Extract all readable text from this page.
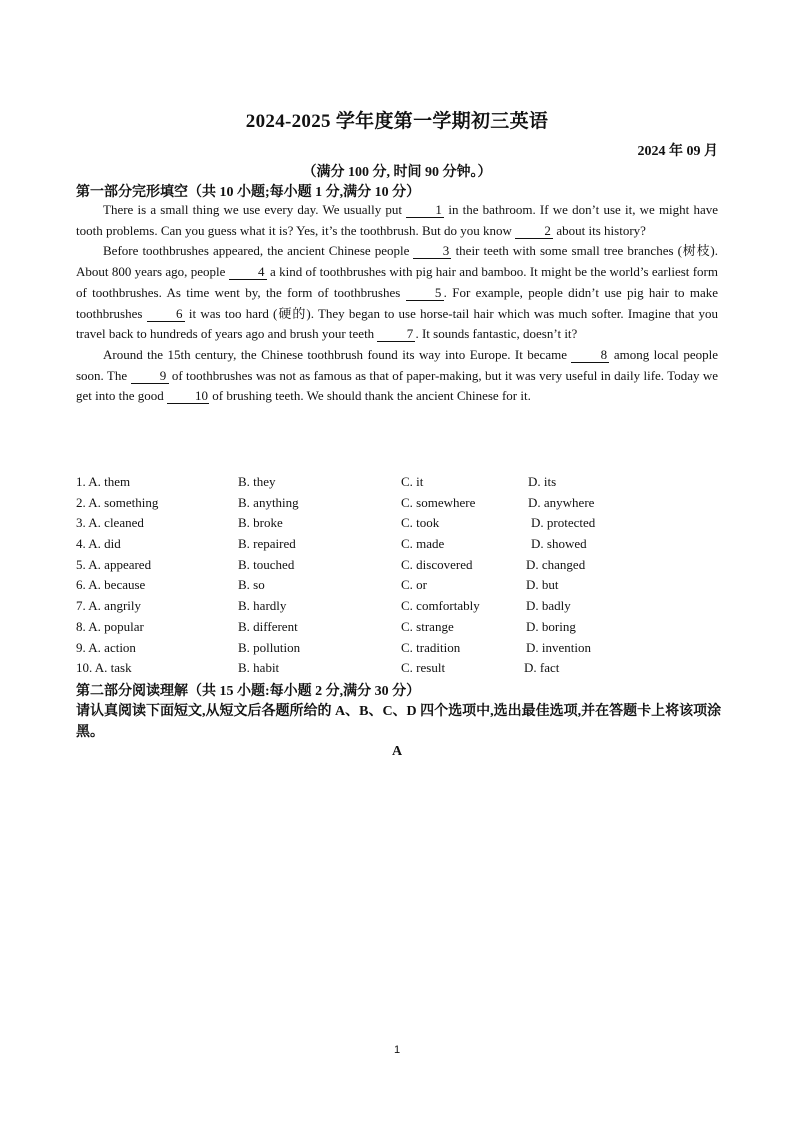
2024-2025 学年度第一学期初三英语
2024 年 09 月
（满分 100 分, 时间 90 分钟。）
第一部分完形填空（共 10 小题;每小题 1 分,满分 10 分）

There is a small thing we use every day. We usually put 1 in the bathroom. If we don’t use it, we might have tooth problems. Can you guess what it is? Yes, it’s the toothbrush. But do you know 2 about its history?

Before toothbrushes appeared, the ancient Chinese people 3 their teeth with some small tree branches (树枝). About 800 years ago, people 4 a kind of toothbrushes with pig hair and bamboo. It might be the world’s earliest form of toothbrushes. As time went by, the form of toothbrushes 5 . For example, people didn’t use pig hair to make toothbrushes 6 it was too hard (硬的). They began to use horse-tail hair which was much softer. Imagine that you travel back to hundreds of years ago and brush your teeth 7 . It sounds fantastic, doesn’t it?

Around the 15th century, the Chinese toothbrush found its way into Europe. It became 8 among local people soon. The 9 of toothbrushes was not as famous as that of paper-making, but it was very useful in daily life. Today we get into the good 10 of brushing teeth. We should thank the ancient Chinese for it.

1. A. them	B. they	C. it	D. its
2. A. something	B. anything	C. somewhere	D. anywhere
3. A. cleaned	B. broke	C. took	D. protected
4. A. did	B. repaired	C. made	D. showed
5. A. appeared	B. touched	C. discovered	D. changed
6. A. because	B. so	C. or	D. but
7. A. angrily	B. hardly	C. comfortably	D. badly
8. A. popular	B. different	C. strange	D. boring
9. A. action	B. pollution	C. tradition	D. invention
10. A. task	B. habit	C. result	D. fact
第二部分阅读理解（共 15 小题:每小题 2 分,满分 30 分）
请认真阅读下面短文,从短文后各题所给的 A、B、C、D 四个选项中,选出最佳选项,并在答题卡上将该项涂黑。
A
1
